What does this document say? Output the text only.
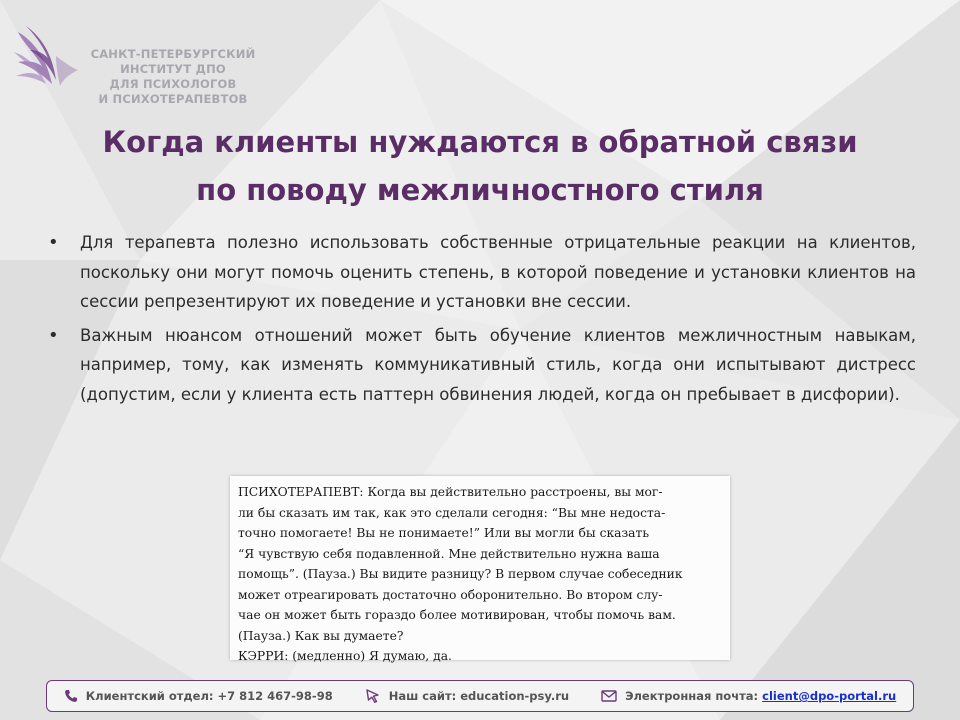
САНКТ-ПЕТЕРБУРГСКИЙ
ИНСТИТУТ ДПО
ДЛЯ ПСИХОЛОГОВ
И ПСИХОТЕРАПЕВТОВ
Когда клиенты нуждаются в обратной связи
по поводу межличностного стиля
• Для терапевта полезно использовать собственные отрицательные реакции на клиентов, поскольку они могут помочь оценить степень, в которой поведение и установки клиентов на сессии репрезентируют их поведение и установки вне сессии.
• Важным нюансом отношений может быть обучение клиентов межличностным навыкам, например, тому, как изменять коммуникативный стиль, когда они испытывают дистресс (допустим, если у клиента есть паттерн обвинения людей, когда он пребывает в дисфории).
ПСИХОТЕРАПЕВТ: Когда вы действительно расстроены, вы мог-
ли бы сказать им так, как это сделали сегодня: “Вы мне недоста-
точно помогаете! Вы не понимаете!” Или вы могли бы сказать
“Я чувствую себя подавленной. Мне действительно нужна ваша
помощь”. (Пауза.) Вы видите разницу? В первом случае собеседник
может отреагировать достаточно оборонительно. Во втором слу-
чае он может быть гораздо более мотивирован, чтобы помочь вам.
(Пауза.) Как вы думаете?
КЭРРИ: (медленно) Я думаю, да.
Клиентский отдел: +7 812 467-98-98	Наш сайт: education-psy.ru	Электронная почта:
client@dpo-portal.ru
